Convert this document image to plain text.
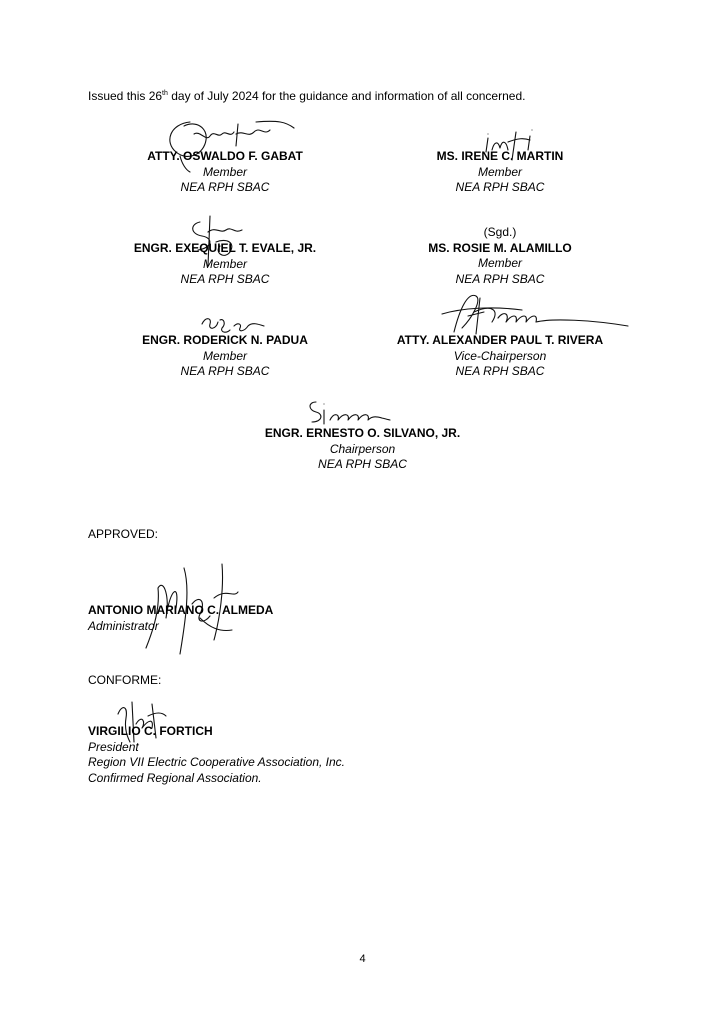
Issued this 26th day of July 2024 for the guidance and information of all concerned.
ATTY. OSWALDO F. GABAT
Member
NEA RPH SBAC
MS. IRENE C. MARTIN
Member
NEA RPH SBAC
ENGR. EXEQUIEL T. EVALE, JR.
Member
NEA RPH SBAC
(Sgd.)
MS. ROSIE M. ALAMILLO
Member
NEA RPH SBAC
ENGR. RODERICK N. PADUA
Member
NEA RPH SBAC
ATTY. ALEXANDER PAUL T. RIVERA
Vice-Chairperson
NEA RPH SBAC
ENGR. ERNESTO O. SILVANO, JR.
Chairperson
NEA RPH SBAC
APPROVED:
ANTONIO MARIANO C. ALMEDA
Administrator
CONFORME:
VIRGILIO C. FORTICH
President
Region VII Electric Cooperative Association, Inc.
Confirmed Regional Association.
4
